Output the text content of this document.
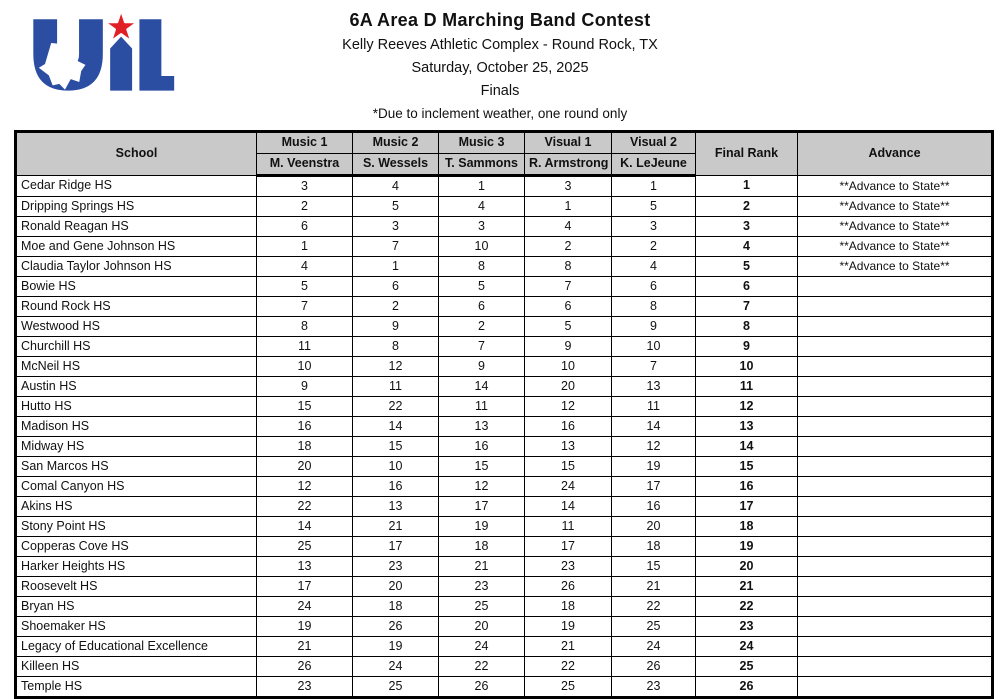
6A Area D Marching Band Contest
Kelly Reeves Athletic Complex - Round Rock, TX
Saturday, October 25, 2025
Finals
*Due to inclement weather, one round only
School	Music 1	Music 2	Music 3	Visual 1	Visual 2	Final Rank	Advance
	M. Veenstra	S. Wessels	T. Sammons	R. Armstrong	K. LeJeune		
Cedar Ridge HS	3	4	1	3	1	1	**Advance to State**
Dripping Springs HS	2	5	4	1	5	2	**Advance to State**
Ronald Reagan HS	6	3	3	4	3	3	**Advance to State**
Moe and Gene Johnson HS	1	7	10	2	2	4	**Advance to State**
Claudia Taylor Johnson HS	4	1	8	8	4	5	**Advance to State**
Bowie HS	5	6	5	7	6	6	
Round Rock HS	7	2	6	6	8	7	
Westwood HS	8	9	2	5	9	8	
Churchill HS	11	8	7	9	10	9	
McNeil HS	10	12	9	10	7	10	
Austin HS	9	11	14	20	13	11	
Hutto HS	15	22	11	12	11	12	
Madison HS	16	14	13	16	14	13	
Midway HS	18	15	16	13	12	14	
San Marcos HS	20	10	15	15	19	15	
Comal Canyon HS	12	16	12	24	17	16	
Akins HS	22	13	17	14	16	17	
Stony Point HS	14	21	19	11	20	18	
Copperas Cove HS	25	17	18	17	18	19	
Harker Heights HS	13	23	21	23	15	20	
Roosevelt HS	17	20	23	26	21	21	
Bryan HS	24	18	25	18	22	22	
Shoemaker HS	19	26	20	19	25	23	
Legacy of Educational Excellence	21	19	24	21	24	24	
Killeen HS	26	24	22	22	26	25	
Temple HS	23	25	26	25	23	26	
